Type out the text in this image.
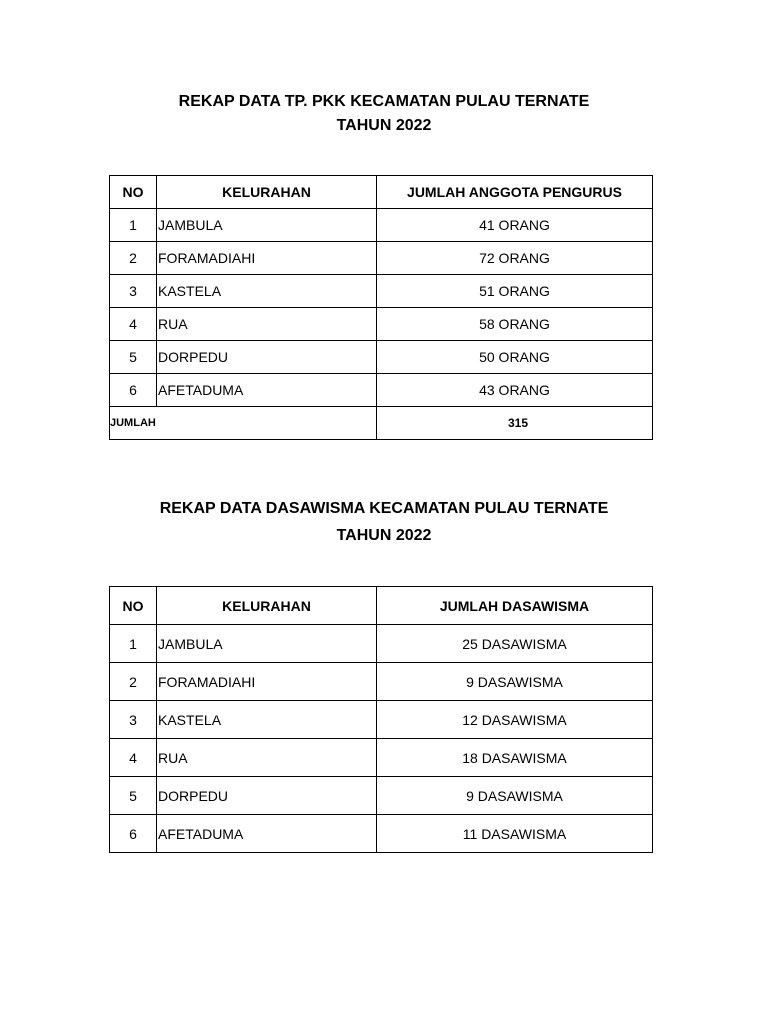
REKAP DATA TP. PKK KECAMATAN PULAU TERNATE
TAHUN 2022
NO	KELURAHAN	JUMLAH ANGGOTA PENGURUS
1	JAMBULA	41 ORANG
2	FORAMADIAHI	72 ORANG
3	KASTELA	51 ORANG
4	RUA	58 ORANG
5	DORPEDU	50 ORANG
6	AFETADUMA	43 ORANG
JUMLAH		315
REKAP DATA DASAWISMA KECAMATAN PULAU TERNATE
TAHUN 2022
NO	KELURAHAN	JUMLAH DASAWISMA
1	JAMBULA	25 DASAWISMA
2	FORAMADIAHI	9 DASAWISMA
3	KASTELA	12 DASAWISMA
4	RUA	18 DASAWISMA
5	DORPEDU	9 DASAWISMA
6	AFETADUMA	11 DASAWISMA
